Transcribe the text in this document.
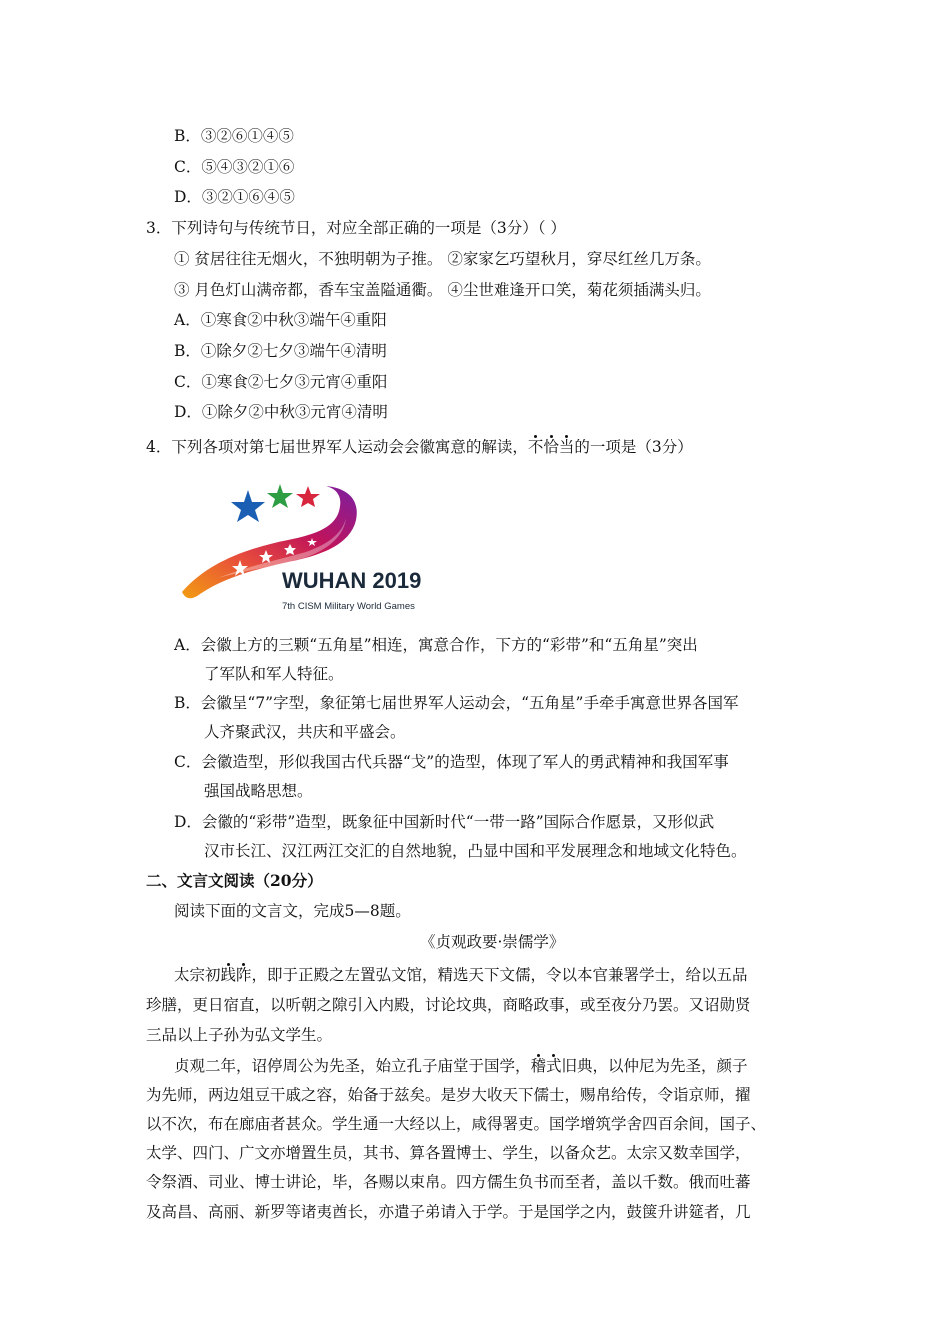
B．③②⑥①④⑤
C．⑤④③②①⑥
D．③②①⑥④⑤
3．下列诗句与传统节日，对应全部正确的一项是（3分）（ ）
① 贫居往往无烟火，不独明朝为子推。 ②家家乞巧望秋月，穿尽红丝几万条。
③ 月色灯山满帝都，香车宝盖隘通衢。 ④尘世难逢开口笑，菊花须插满头归。
A．①寒食②中秋③端午④重阳
B．①除夕②七夕③端午④清明
C．①寒食②七夕③元宵④重阳
D．①除夕②中秋③元宵④清明
4．下列各项对第七届世界军人运动会会徽寓意的解读，不恰当的一项是（3分）
WUHAN 2019
7th CISM Military World Games
A．会徽上方的三颗“五角星”相连，寓意合作，下方的“彩带”和“五角星”突出
了军队和军人特征。
B．会徽呈“7”字型，象征第七届世界军人运动会，“五角星”手牵手寓意世界各国军
人齐聚武汉，共庆和平盛会。
C．会徽造型，形似我国古代兵器“戈”的造型，体现了军人的勇武精神和我国军事
强国战略思想。
D．会徽的“彩带”造型，既象征中国新时代“一带一路”国际合作愿景，又形似武
汉市长江、汉江两江交汇的自然地貌，凸显中国和平发展理念和地域文化特色。
二、文言文阅读（20分）
阅读下面的文言文，完成5—8题。
《贞观政要·崇儒学》
太宗初践阼，即于正殿之左置弘文馆，精选天下文儒，令以本官兼署学士，给以五品
珍膳，更日宿直，以听朝之隙引入内殿，讨论坟典，商略政事，或至夜分乃罢。又诏勋贤
三品以上子孙为弘文学生。
贞观二年，诏停周公为先圣，始立孔子庙堂于国学，稽式旧典，以仲尼为先圣，颜子
为先师，两边俎豆干戚之容，始备于兹矣。是岁大收天下儒士，赐帛给传，令诣京师，擢
以不次，布在廊庙者甚众。学生通一大经以上，咸得署吏。国学增筑学舍四百余间，国子、
太学、四门、广文亦增置生员，其书、算各置博士、学生，以备众艺。太宗又数幸国学，
令祭酒、司业、博士讲论，毕，各赐以束帛。四方儒生负书而至者，盖以千数。俄而吐蕃
及高昌、高丽、新罗等诸夷酋长，亦遣子弟请入于学。于是国学之内，鼓箧升讲筵者，几
